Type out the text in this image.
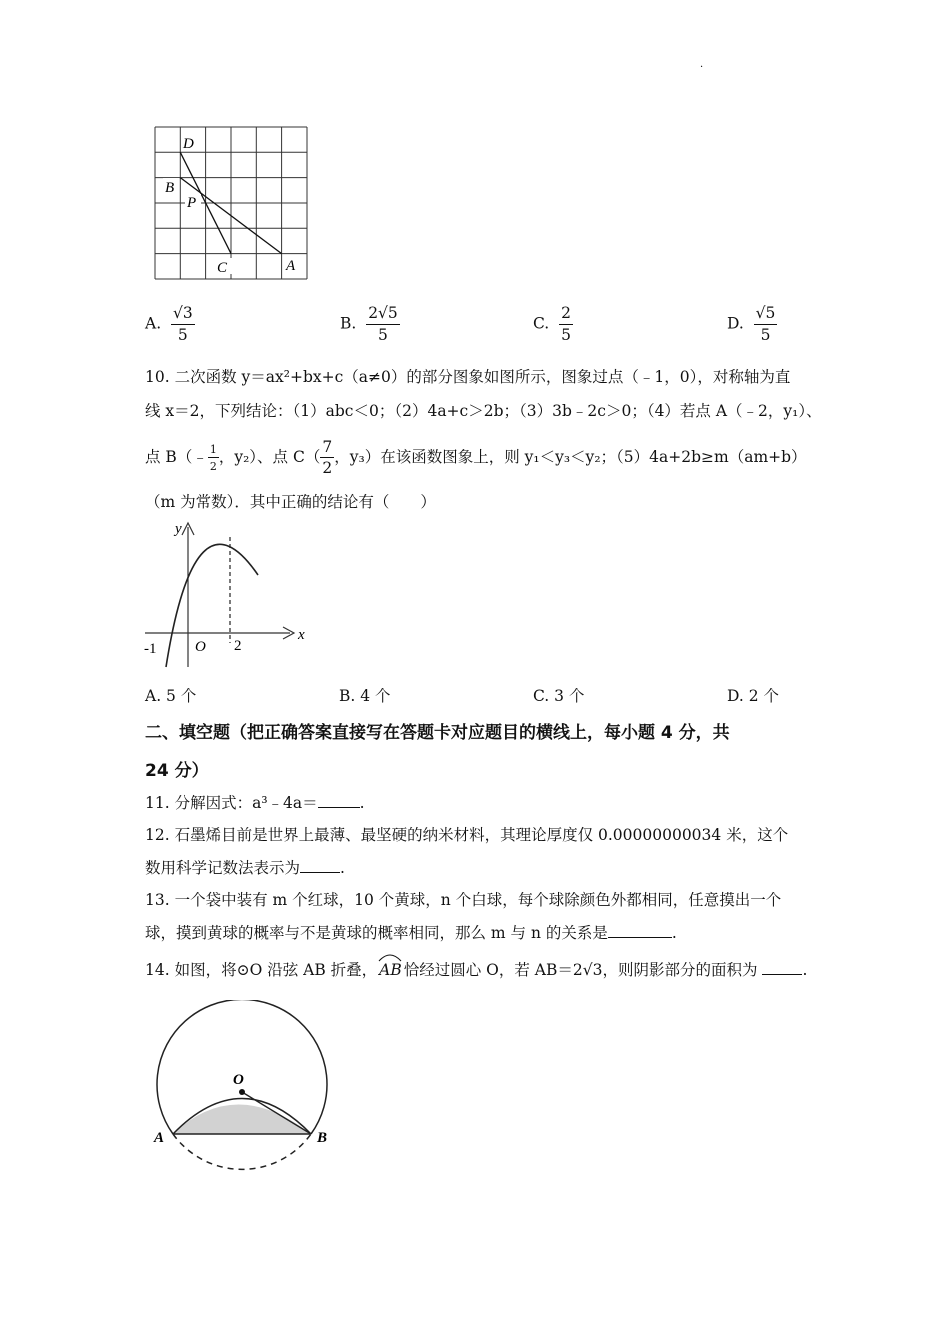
·
D
B
P
C	A
A. $\frac{√3}{5}$	B. $\frac{2√5}{5}$	C. $\frac{2}{5}$	D. $\frac{√5}{5}$
10. 二次函数 y＝ax²+bx+c（a≠0）的部分图象如图所示，图象过点（﹣1，0），对称轴为直
线 x＝2，下列结论：（1）abc＜0；（2）4a+c＞2b；（3）3b﹣2c＞0；（4）若点 A（﹣2，y₁）、
点 B（﹣ $\frac{1}{2}$ ，y₂）、点 $C( \frac{7}{2}$ ，y₃）在该函数图象上，则 y₁＜y₃＜y₂；（5）4a+2b≥m（am+b）
（m 为常数）．其中正确的结论有（　　）
y
x
O
-1	2
A. 5 个	B. 4 个	C. 3 个	D. 2 个
二、填空题（把正确答案直接写在答题卡对应题目的横线上，每小题 4 分，共
24 分）
11. 分解因式：a³﹣4a＝	.
12. 石墨烯目前是世界上最薄、最坚硬的纳米材料，其理论厚度仅 0.00000000034 米，这个
数用科学记数法表示为	.
13. 一个袋中装有 m 个红球，10 个黄球，n 个白球，每个球除颜色外都相同，任意摸出一个
球，摸到黄球的概率与不是黄球的概率相同，那么 m 与 n 的关系是	.
14. 如图，将⊙O 沿弦 AB 折叠， AB 恰经过圆心 O，若 AB＝2√3，则阴影部分的面积为	.
O
A	B
